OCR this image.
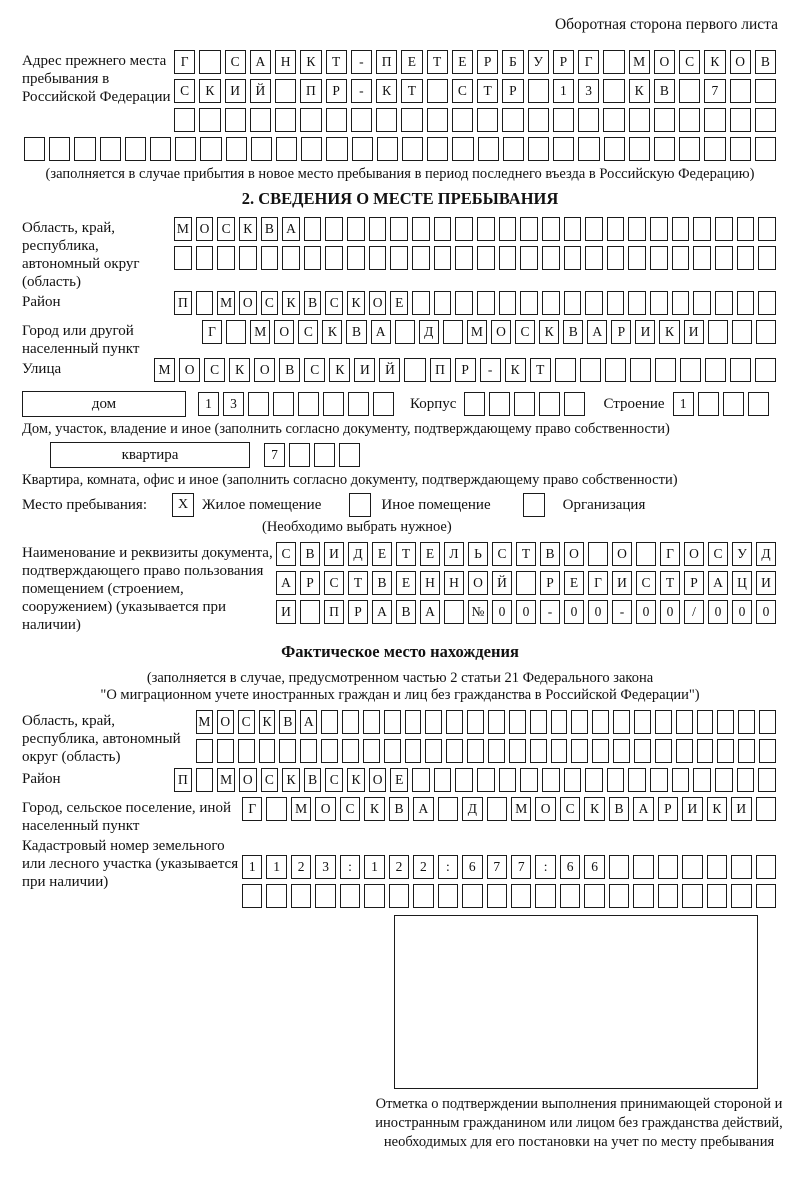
Оборотная сторона первого листа
Адрес прежнего места пребывания в Российской Федерации
Г	С	А	Н	К	Т	-	П	Е	Т	Е	Р	Б	У	Р	Г	М	О	С	К	О	В
С	К	И	Й	П	Р	-	К	Т	С	Т	Р	1	3	К	В	7
(заполняется в случае прибытия в новое место пребывания в период последнего въезда в Российскую Федерацию)
2. СВЕДЕНИЯ О МЕСТЕ ПРЕБЫВАНИЯ
Область, край, республика, автономный округ (область)
М О С К В А
Район	П М О С К В С К О Е
Город или другой населенный пункт
Г	М О	С	К	В	А	Д	М О	С	К	В	А	Р	И	К	И
Улица	М	О	С	К	О	В	С	К	И	Й	П	Р	-	К	Т
дом	1	3	Корпус	Строение	1
Дом, участок, владение и иное (заполнить согласно документу, подтверждающему право собственности)
квартира	7
Квартира, комната, офис и иное (заполнить согласно документу, подтверждающему право собственности)
Место пребывания:	X Жилое помещение	Иное помещение	Организация
(Необходимо выбрать нужное)
Наименование и реквизиты документа, подтверждающего право пользования помещением (строением, сооружением) (указывается при наличии)
С	В	И	Д	Е	Т	Е	Л	Ь	С	Т	В	О	О	Г	О	С	У	Д
А	Р	С	Т	В	Е	Н	Н	О	Й	Р	Е	Г	И	С	Т	Р	А	Ц	И
И	П	Р	А	В	А	№	0	0	-	0	0	-	0	0	/	0	0	0
Фактическое место нахождения
(заполняется в случае, предусмотренном частью 2 статьи 21 Федерального закона
"О миграционном учете иностранных граждан и лиц без гражданства в Российской Федерации")
Область, край, республика, автономный округ (область)
М О С К В А
Район	П М О С К В С К О Е
Город, сельское поселение, иной населенный пункт
Г	М	О	С	К	В	А	Д	М	О	С	К	В	А	Р	И	К	И
Кадастровый номер земельного или лесного участка (указывается при наличии)
1	1	2	3	:	1	2	2	:	6	7	7	:	6	6
Отметка о подтверждении выполнения принимающей стороной и иностранным гражданином или лицом без гражданства действий, необходимых для его постановки на учет по месту пребывания
